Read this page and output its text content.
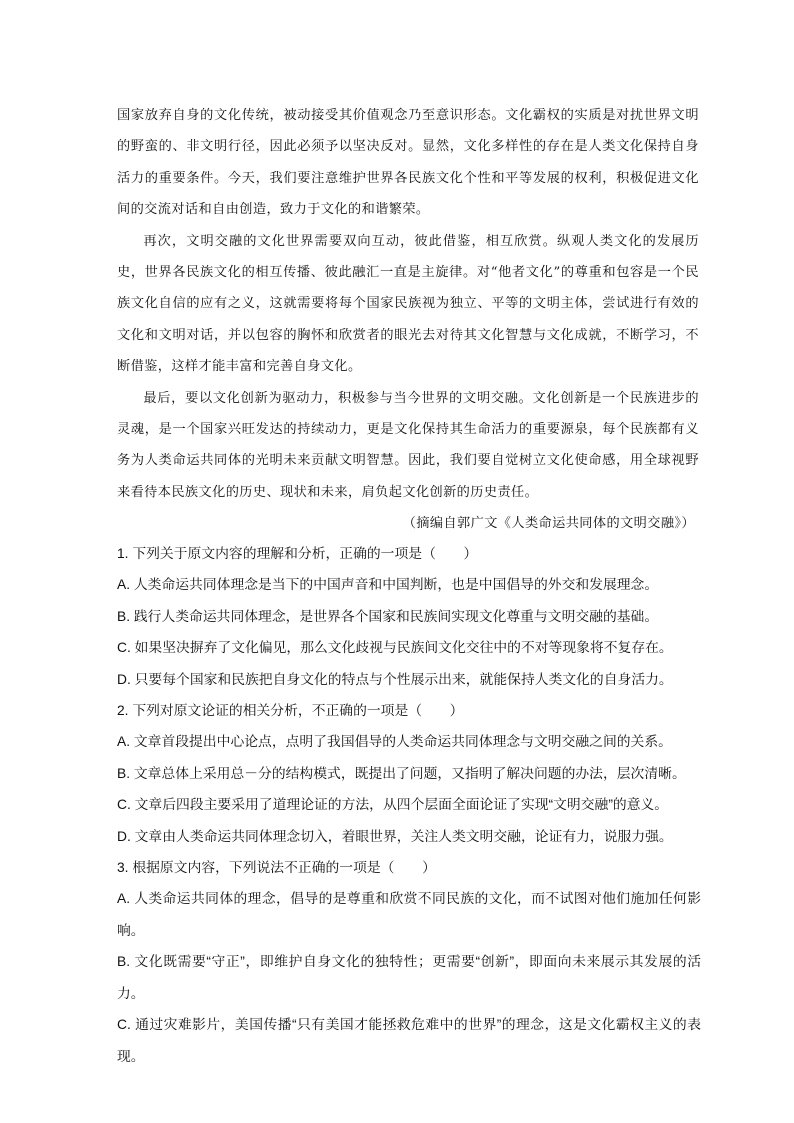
国家放弃自身的文化传统，被动接受其价值观念乃至意识形态。文化霸权的实质是对扰世界文明的野蛮的、非文明行径，因此必须予以坚决反对。显然，文化多样性的存在是人类文化保持自身活力的重要条件。今天，我们要注意维护世界各民族文化个性和平等发展的权利，积极促进文化间的交流对话和自由创造，致力于文化的和谐繁荣。

再次，文明交融的文化世界需要双向互动，彼此借鉴，相互欣赏。纵观人类文化的发展历史，世界各民族文化的相互传播、彼此融汇一直是主旋律。对“他者文化”的尊重和包容是一个民族文化自信的应有之义，这就需要将每个国家民族视为独立、平等的文明主体，尝试进行有效的文化和文明对话，并以包容的胸怀和欣赏者的眼光去对待其文化智慧与文化成就，不断学习，不断借鉴，这样才能丰富和完善自身文化。

最后，要以文化创新为驱动力，积极参与当今世界的文明交融。文化创新是一个民族进步的灵魂，是一个国家兴旺发达的持续动力，更是文化保持其生命活力的重要源泉，每个民族都有义务为人类命运共同体的光明未来贡献文明智慧。因此，我们要自觉树立文化使命感，用全球视野来看待本民族文化的历史、现状和未来，肩负起文化创新的历史责任。

（摘编自郭广文《人类命运共同体的文明交融》）

1. 下列关于原文内容的理解和分析，正确的一项是（　　）

A. 人类命运共同体理念是当下的中国声音和中国判断，也是中国倡导的外交和发展理念。

B. 践行人类命运共同体理念，是世界各个国家和民族间实现文化尊重与文明交融的基础。

C. 如果坚决摒弃了文化偏见，那么文化歧视与民族间文化交往中的不对等现象将不复存在。

D. 只要每个国家和民族把自身文化的特点与个性展示出来，就能保持人类文化的自身活力。

2. 下列对原文论证的相关分析，不正确的一项是（　　）

A. 文章首段提出中心论点，点明了我国倡导的人类命运共同体理念与文明交融之间的关系。

B. 文章总体上采用总－分的结构模式，既提出了问题，又指明了解决问题的办法，层次清晰。

C. 文章后四段主要采用了道理论证的方法，从四个层面全面论证了实现“文明交融”的意义。

D. 文章由人类命运共同体理念切入，着眼世界，关注人类文明交融，论证有力，说服力强。

3. 根据原文内容，下列说法不正确的一项是（　　）

A. 人类命运共同体的理念，倡导的是尊重和欣赏不同民族的文化，而不试图对他们施加任何影响。

B. 文化既需要“守正”，即维护自身文化的独特性；更需要“创新”，即面向未来展示其发展的活力。

C. 通过灾难影片，美国传播“只有美国才能拯救危难中的世界”的理念，这是文化霸权主义的表现。
